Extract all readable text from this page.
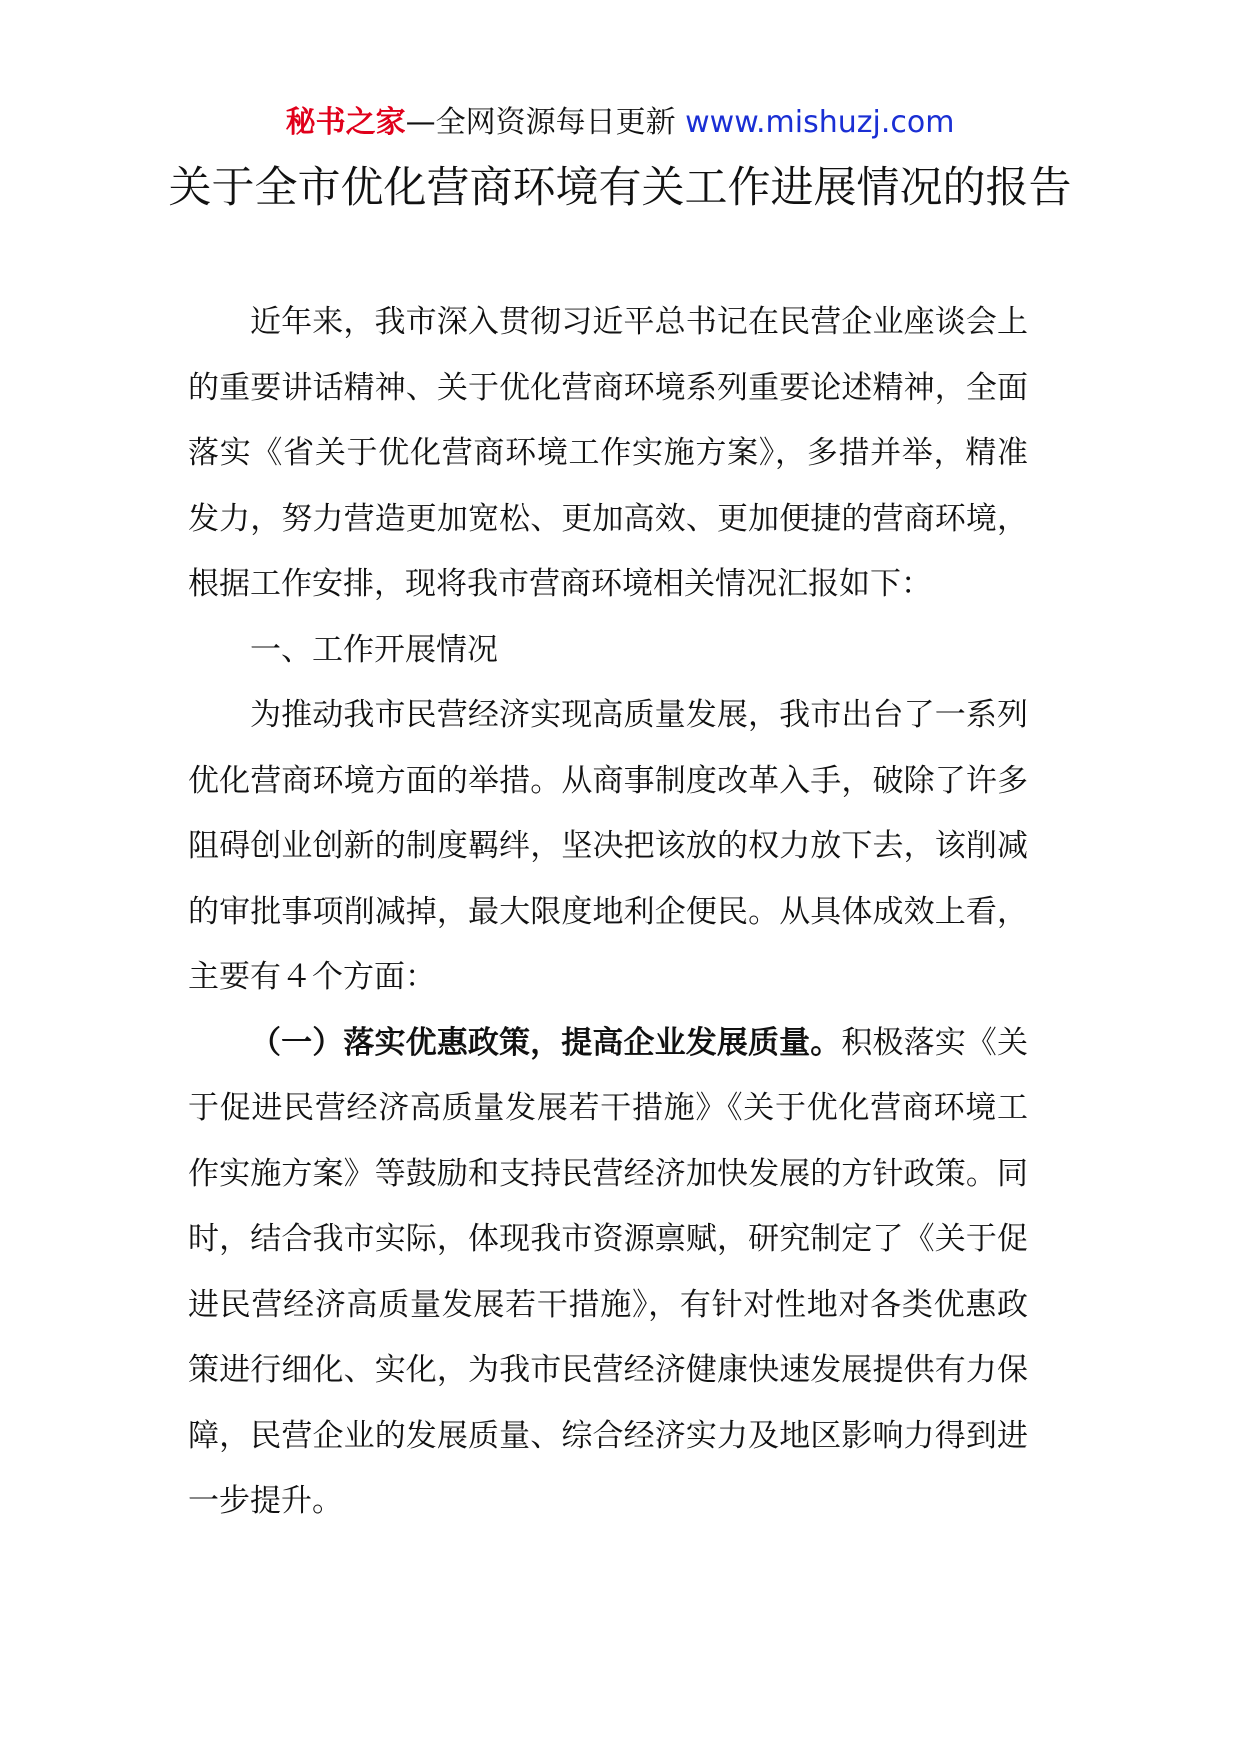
秘书之家—全网资源每日更新 www.mishuzj.com
关于全市优化营商环境有关工作进展情况的报告

近年来，我市深入贯彻习近平总书记在民营企业座谈会上的重要讲话精神、关于优化营商环境系列重要论述精神，全面落实《省关于优化营商环境工作实施方案》，多措并举，精准发力，努力营造更加宽松、更加高效、更加便捷的营商环境，根据工作安排，现将我市营商环境相关情况汇报如下：

一、工作开展情况

为推动我市民营经济实现高质量发展，我市出台了一系列优化营商环境方面的举措。从商事制度改革入手，破除了许多阻碍创业创新的制度羁绊，坚决把该放的权力放下去，该削减的审批事项削减掉，最大限度地利企便民。从具体成效上看，主要有４个方面：

（一）落实优惠政策，提高企业发展质量。积极落实《关于促进民营经济高质量发展若干措施》《关于优化营商环境工作实施方案》等鼓励和支持民营经济加快发展的方针政策。同时，结合我市实际，体现我市资源禀赋，研究制定了《关于促进民营经济高质量发展若干措施》，有针对性地对各类优惠政策进行细化、实化，为我市民营经济健康快速发展提供有力保障，民营企业的发展质量、综合经济实力及地区影响力得到进一步提升。
